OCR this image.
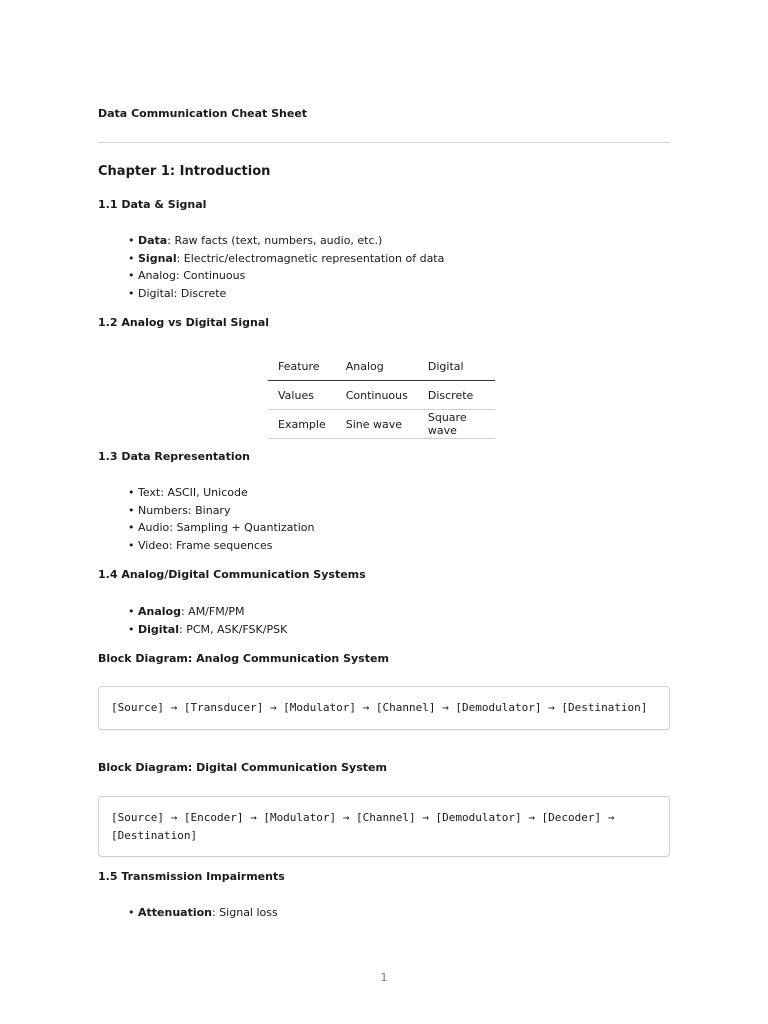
Data Communication Cheat Sheet
Chapter 1: Introduction
1.1 Data & Signal
• Data: Raw facts (text, numbers, audio, etc.)
• Signal: Electric/electromagnetic representation of data
• Analog: Continuous
• Digital: Discrete
1.2 Analog vs Digital Signal
Feature	Analog	Digital
Values	Continuous	Discrete
Example	Sine wave	Square wave
1.3 Data Representation
• Text: ASCII, Unicode
• Numbers: Binary
• Audio: Sampling + Quantization
• Video: Frame sequences
1.4 Analog/Digital Communication Systems
• Analog: AM/FM/PM
• Digital: PCM, ASK/FSK/PSK
Block Diagram: Analog Communication System
[Source] → [Transducer] → [Modulator] → [Channel] → [Demodulator] → [Destination]
Block Diagram: Digital Communication System
[Source] → [Encoder] → [Modulator] → [Channel] → [Demodulator] → [Decoder] → [Destination]
1.5 Transmission Impairments
• Attenuation: Signal loss
1
